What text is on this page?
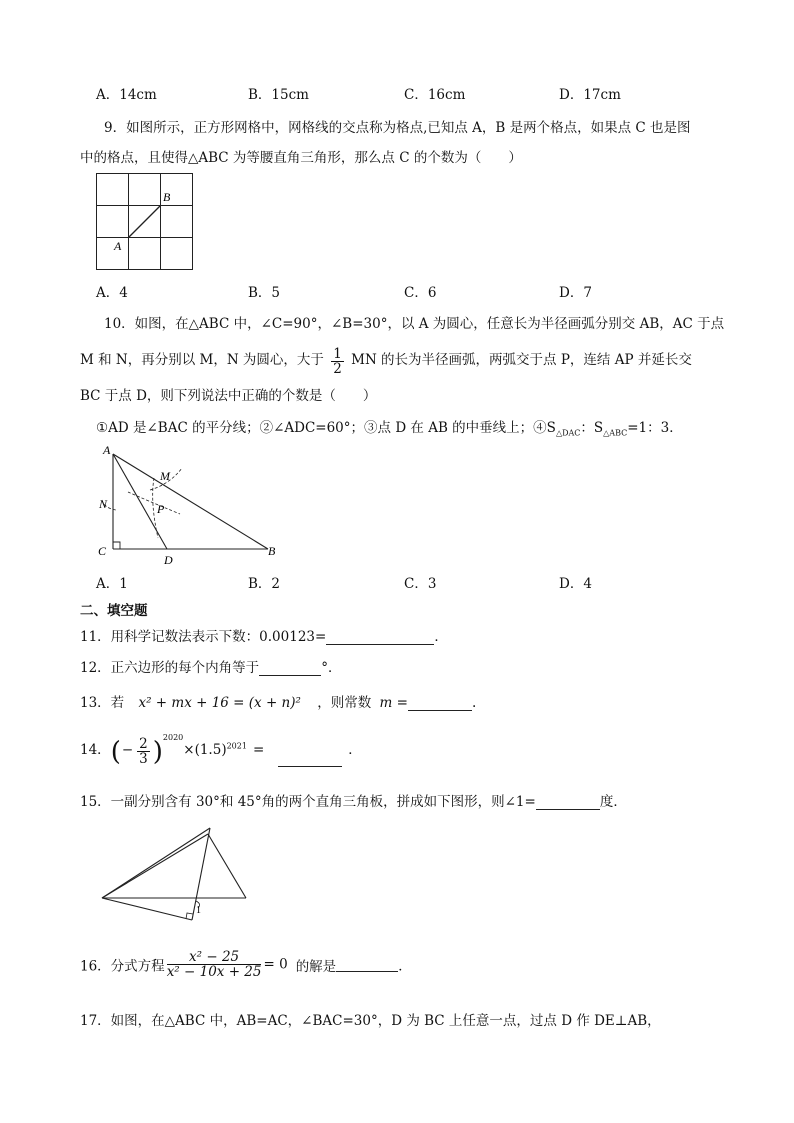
A．14cm	B．15cm	C．16cm	D．17cm
9．如图所示，正方形网格中，网格线的交点称为格点,已知点 A，B 是两个格点，如果点 C 也是图
中的格点，且使得△ABC 为等腰直角三角形，那么点 C 的个数为（　　）
B
A
A．4	B．5	C．6	D．7
10．如图，在△ABC 中，∠C=90°，∠B=30°，以 A 为圆心，任意长为半径画弧分别交 AB，AC 于点
M 和 N，再分别以 M，N 为圆心，大于 $\frac{1}{2}$ MN 的长为半径画弧，两弧交于点 P，连结 AP 并延长交
BC 于点 D，则下列说法中正确的个数是（　　）
①AD 是∠BAC 的平分线；②∠ADC=60°；③点 D 在 AB 的中垂线上；$④S_{\triangle DAC}$：$S_{\triangle ABC}=1$：3．
A
M
N	P
C
D
B
A．1	B．2	C．3	D．4
二、填空题
11．用科学记数法表示下数：0.00123=	．
12．正六边形的每个内角等于	°．
13．若 x² + mx + 16 = (x + n)² ，则常数 m =	.
14．(− $\frac{2}{3} )^{2020}\times(1.5)^{2021}$ =	．
15．一副分别含有 30°和 45°角的两个直角三角板，拼成如下图形，则∠1=	度．
1
16．分式方程 $\frac{\text{x² − 25}}{\text{x² − 10x + 25}} = 0$ 的解是	．
17．如图，在△ABC 中，AB=AC，∠BAC=30°，D 为 BC 上任意一点，过点 D 作 DE⊥AB，
